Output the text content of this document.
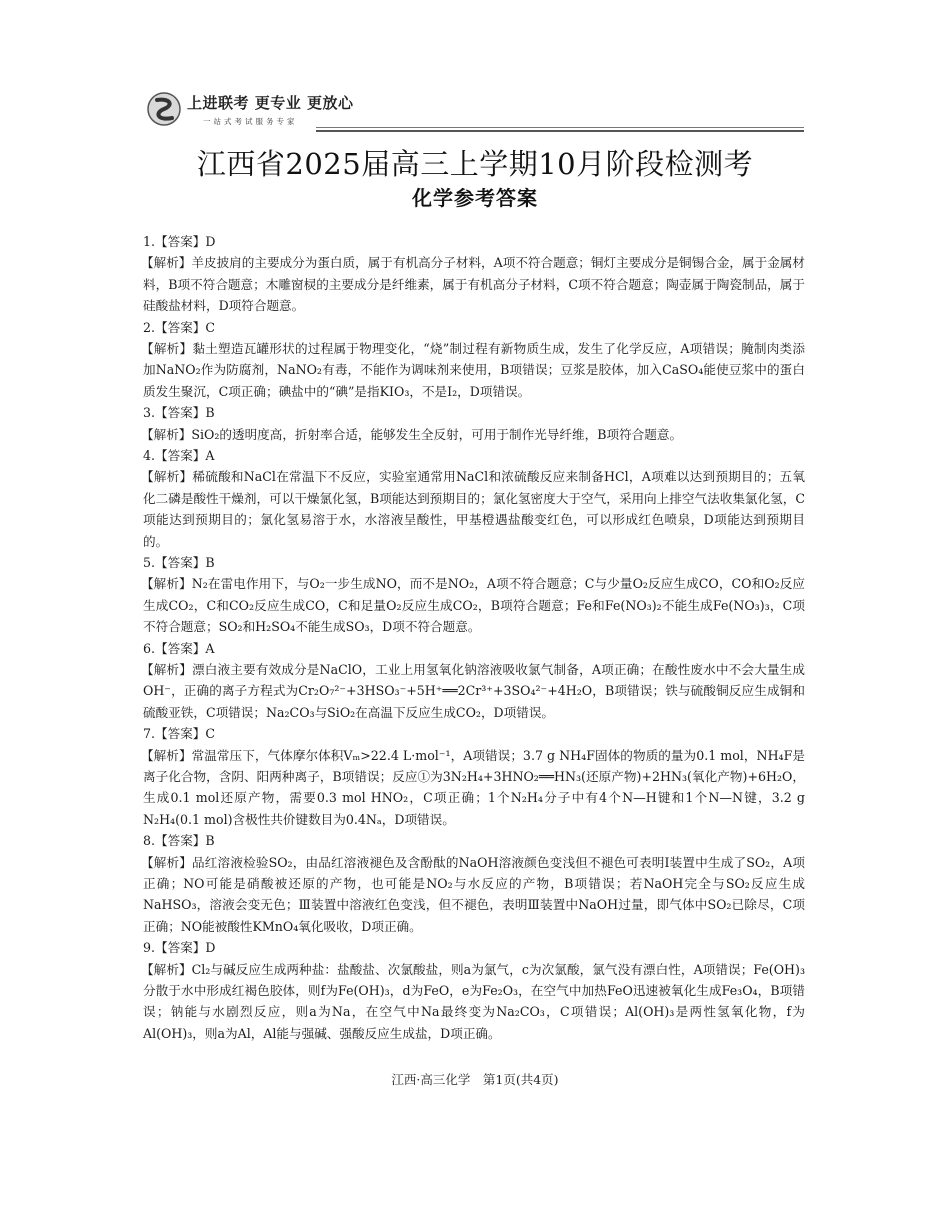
上进联考 更专业 更放心
一站式考试服务专家
江西省2025届高三上学期10月阶段检测考
化学参考答案
1.【答案】D
【解析】羊皮披肩的主要成分为蛋白质，属于有机高分子材料，A项不符合题意；铜灯主要成分是铜锡合金，属于金属材料，B项不符合题意；木雕窗棂的主要成分是纤维素，属于有机高分子材料，C项不符合题意；陶壶属于陶瓷制品，属于硅酸盐材料，D项符合题意。
2.【答案】C
【解析】黏土塑造瓦罐形状的过程属于物理变化，“烧”制过程有新物质生成，发生了化学反应，A项错误；腌制肉类添加NaNO₂作为防腐剂，NaNO₂有毒，不能作为调味剂来使用，B项错误；豆浆是胶体，加入CaSO₄能使豆浆中的蛋白质发生聚沉，C项正确；碘盐中的“碘”是指KIO₃，不是I₂，D项错误。
3.【答案】B
【解析】SiO₂的透明度高，折射率合适，能够发生全反射，可用于制作光导纤维，B项符合题意。
4.【答案】A
【解析】稀硫酸和NaCl在常温下不反应，实验室通常用NaCl和浓硫酸反应来制备HCl，A项难以达到预期目的；五氧化二磷是酸性干燥剂，可以干燥氯化氢，B项能达到预期目的；氯化氢密度大于空气，采用向上排空气法收集氯化氢，C项能达到预期目的；氯化氢易溶于水，水溶液呈酸性，甲基橙遇盐酸变红色，可以形成红色喷泉，D项能达到预期目的。
5.【答案】B
【解析】N₂在雷电作用下，与O₂一步生成NO，而不是NO₂，A项不符合题意；C与少量O₂反应生成CO，CO和O₂反应生成CO₂，C和CO₂反应生成CO，C和足量O₂反应生成CO₂，B项符合题意；Fe和Fe(NO₃)₂不能生成Fe(NO₃)₃，C项不符合题意；SO₂和H₂SO₄不能生成SO₃，D项不符合题意。
6.【答案】A
【解析】漂白液主要有效成分是NaClO，工业上用氢氧化钠溶液吸收氯气制备，A项正确；在酸性废水中不会大量生成OH⁻，正确的离子方程式为Cr₂O₇²⁻+3HSO₃⁻+5H⁺══2Cr³⁺+3SO₄²⁻+4H₂O，B项错误；铁与硫酸铜反应生成铜和硫酸亚铁，C项错误；Na₂CO₃与SiO₂在高温下反应生成CO₂，D项错误。
7.【答案】C
【解析】常温常压下，气体摩尔体积Vₘ>22.4 L·mol⁻¹，A项错误；3.7 g NH₄F固体的物质的量为0.1 mol，NH₄F是离子化合物，含阴、阳两种离子，B项错误；反应①为3N₂H₄+3HNO₂══HN₃(还原产物)+2HN₃(氧化产物)+6H₂O，生成0.1 mol还原产物，需要0.3 mol HNO₂，C项正确；1个N₂H₄分子中有4个N—H键和1个N—N键，3.2 g N₂H₄(0.1 mol)含极性共价键数目为0.4Nₐ，D项错误。
8.【答案】B
【解析】品红溶液检验SO₂，由品红溶液褪色及含酚酞的NaOH溶液颜色变浅但不褪色可表明Ⅰ装置中生成了SO₂，A项正确；NO可能是硝酸被还原的产物，也可能是NO₂与水反应的产物，B项错误；若NaOH完全与SO₂反应生成NaHSO₃，溶液会变无色；Ⅲ装置中溶液红色变浅，但不褪色，表明Ⅲ装置中NaOH过量，即气体中SO₂已除尽，C项正确；NO能被酸性KMnO₄氧化吸收，D项正确。
9.【答案】D
【解析】Cl₂与碱反应生成两种盐：盐酸盐、次氯酸盐，则a为氯气，c为次氯酸，氯气没有漂白性，A项错误；Fe(OH)₃分散于水中形成红褐色胶体，则f为Fe(OH)₃，d为FeO，e为Fe₂O₃，在空气中加热FeO迅速被氧化生成Fe₃O₄，B项错误；钠能与水剧烈反应，则a为Na，在空气中Na最终变为Na₂CO₃，C项错误；Al(OH)₃是两性氢氧化物，f为Al(OH)₃，则a为Al，Al能与强碱、强酸反应生成盐，D项正确。
江西·高三化学　第1页(共4页)
